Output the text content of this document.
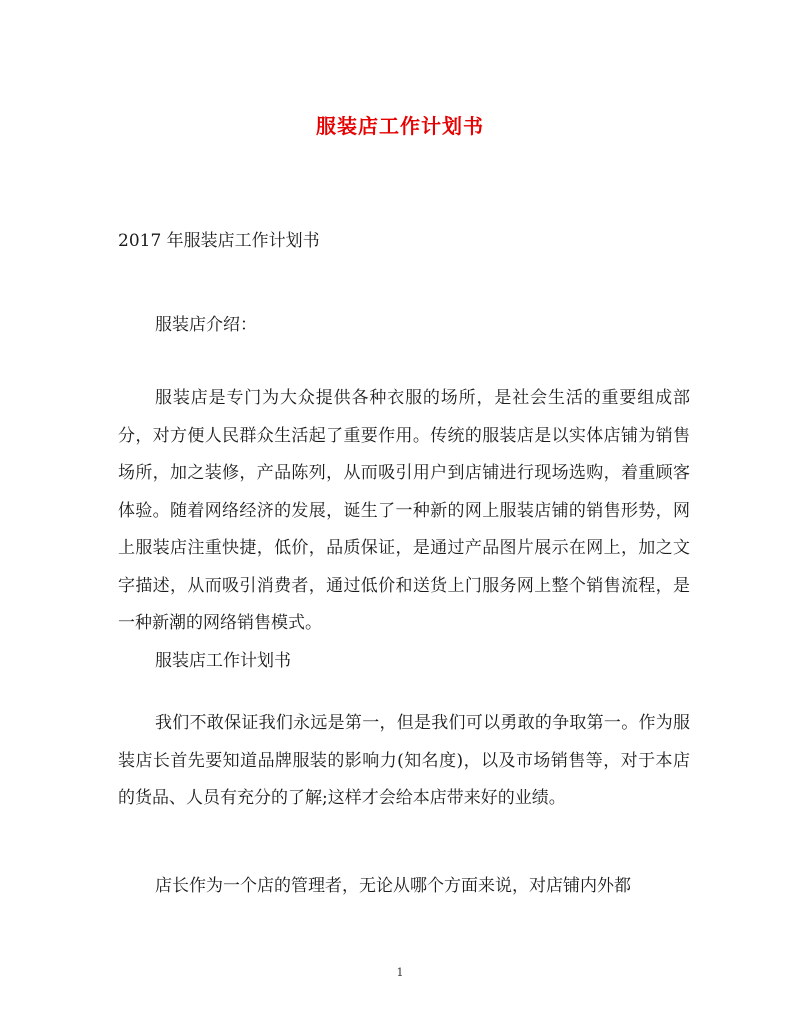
服装店工作计划书
2017 年服装店工作计划书
服装店介绍：

服装店是专门为大众提供各种衣服的场所，是社会生活的重要组成部分，对方便人民群众生活起了重要作用。传统的服装店是以实体店铺为销售场所，加之装修，产品陈列，从而吸引用户到店铺进行现场选购，着重顾客体验。随着网络经济的发展，诞生了一种新的网上服装店铺的销售形势，网上服装店注重快捷，低价，品质保证，是通过产品图片展示在网上，加之文字描述，从而吸引消费者，通过低价和送货上门服务网上整个销售流程，是一种新潮的网络销售模式。

服装店工作计划书

我们不敢保证我们永远是第一，但是我们可以勇敢的争取第一。作为服装店长首先要知道品牌服装的影响力(知名度)，以及市场销售等，对于本店的货品、人员有充分的了解;这样才会给本店带来好的业绩。

店长作为一个店的管理者，无论从哪个方面来说，对店铺内外都

1
